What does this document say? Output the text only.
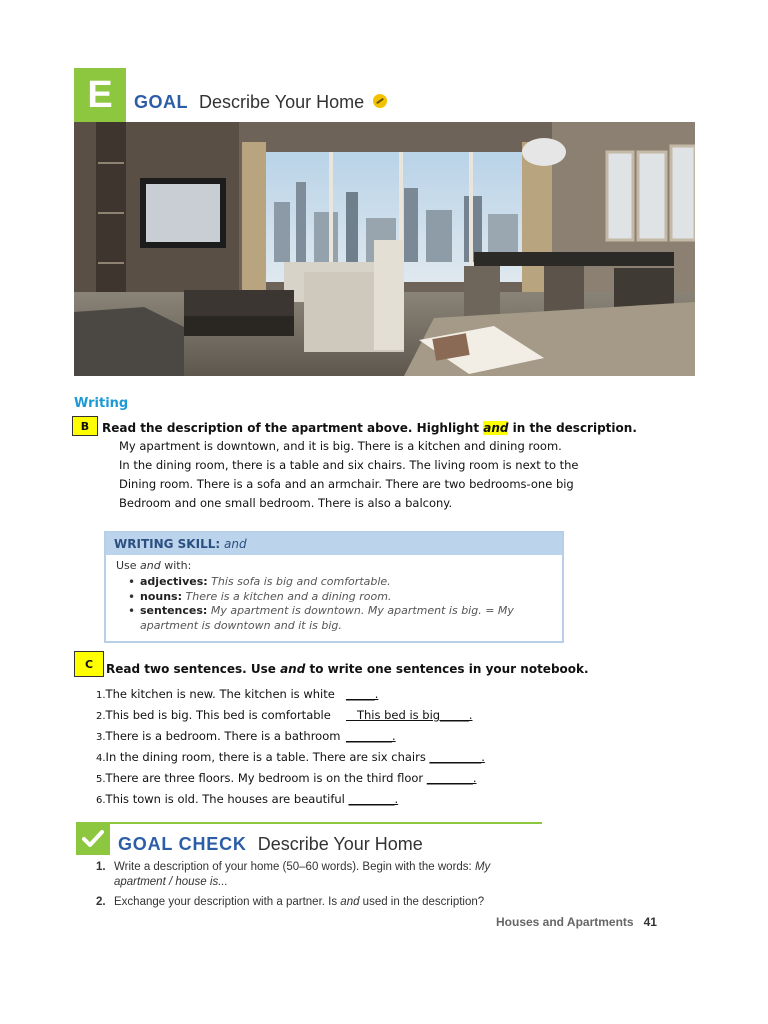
E	GOAL Describe Your Home
Writing
B	Read the description of the apartment above. Highlight and in the description.
My apartment is downtown, and it is big. There is a kitchen and dining room.
In the dining room, there is a table and six chairs. The living room is next to the
Dining room. There is a sofa and an armchair. There are two bedrooms-one big
Bedroom and one small bedroom. There is also a balcony.
WRITING SKILL: and
Use and with:
• adjectives: This sofa is big and comfortable.
• nouns: There is a kitchen and a dining room.
• sentences: My apartment is downtown. My apartment is big. = My apartment is downtown and it is big.
C	Read two sentences. Use and to write one sentences in your notebook.
1.The kitchen is new. The kitchen is white _____.
2.This bed is big. This bed is comfortable This bed is big_____.
3.There is a bedroom. There is a bathroom ________.
4.In the dining room, there is a table. There are six chairs _________.
5.There are three floors. My bedroom is on the third floor ________.
6.This town is old. The houses are beautiful ________.
GOAL CHECK Describe Your Home
1. Write a description of your home (50–60 words). Begin with the words: My apartment / house is...
2. Exchange your description with a partner. Is and used in the description?
Houses and Apartments 41
